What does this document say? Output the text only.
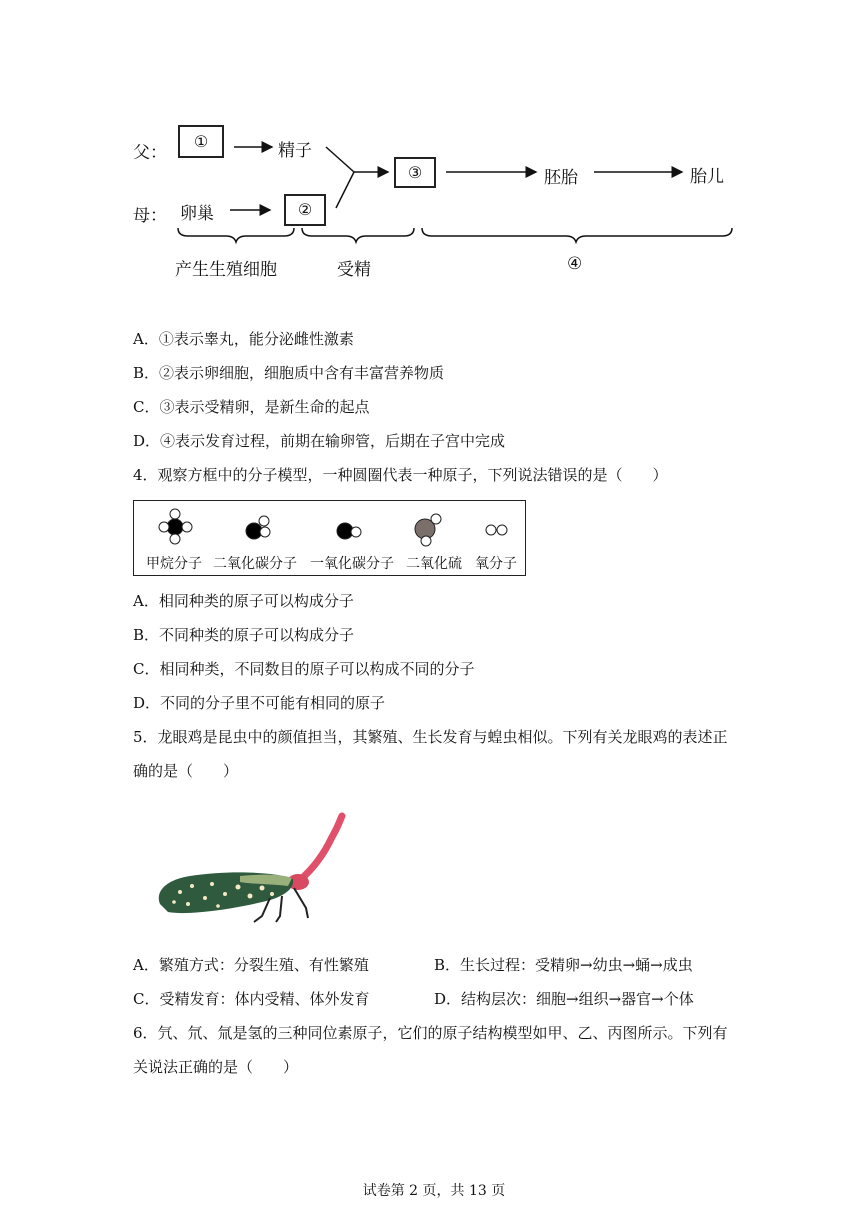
父：
①	精子
母： 卵巢	②
③	胚胎	胎儿
产生生殖细胞	受精	④
A．①表示睾丸，能分泌雌性激素
B．②表示卵细胞，细胞质中含有丰富营养物质
C．③表示受精卵，是新生命的起点
D．④表示发育过程，前期在输卵管，后期在子宫中完成
4．观察方框中的分子模型，一种圆圈代表一种原子，下列说法错误的是（　　）
甲烷分子 二氧化碳分子 一氧化碳分子 二氧化硫 氧分子
A．相同种类的原子可以构成分子
B．不同种类的原子可以构成分子
C．相同种类，不同数目的原子可以构成不同的分子
D．不同的分子里不可能有相同的原子
5．龙眼鸡是昆虫中的颜值担当，其繁殖、生长发育与蝗虫相似。下列有关龙眼鸡的表述正
确的是（　　）
A．繁殖方式：分裂生殖、有性繁殖	B．生长过程：受精卵→幼虫→蛹→成虫
C．受精发育：体内受精、体外发育	D．结构层次：细胞→组织→器官→个体
6．氕、氘、氚是氢的三种同位素原子，它们的原子结构模型如甲、乙、丙图所示。下列有
关说法正确的是（　　）
试卷第 2 页，共 13 页
